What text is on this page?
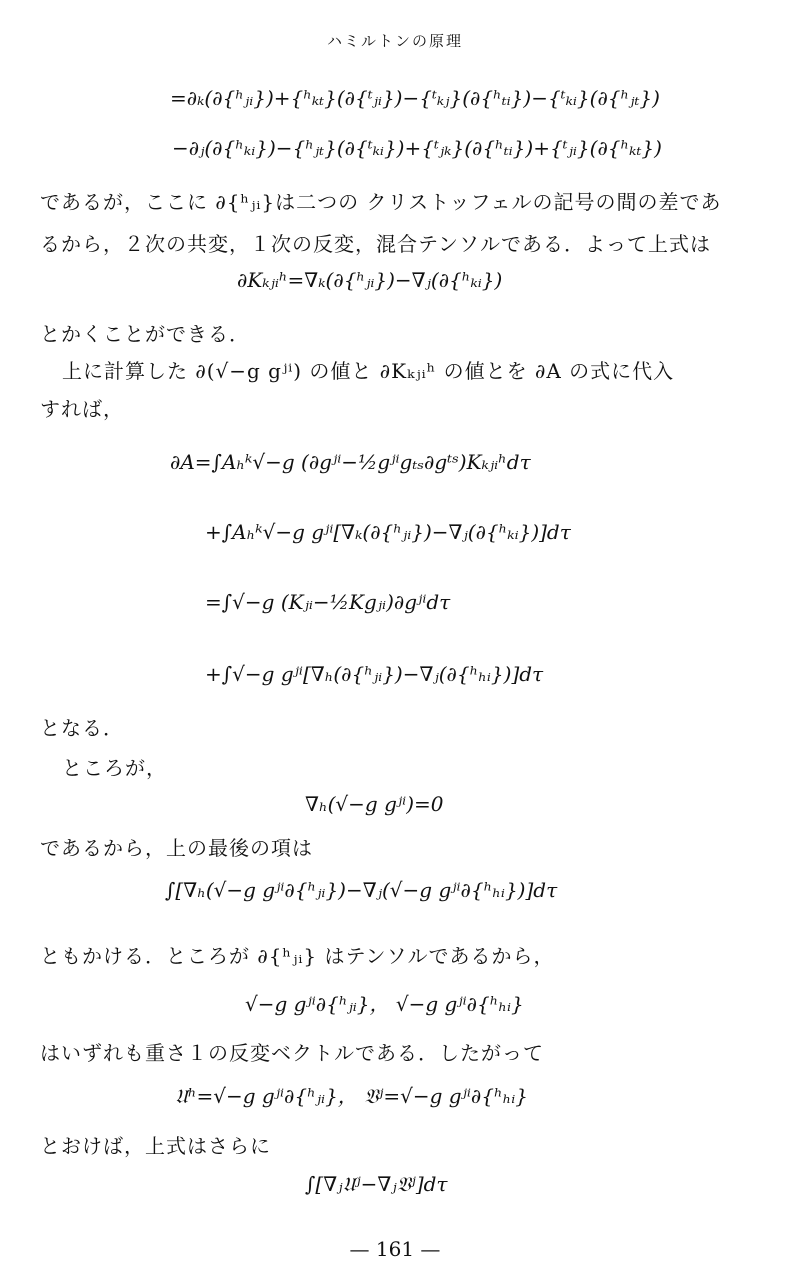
ハミルトンの原理
=∂ₖ(∂{ʰⱼᵢ})+{ʰₖₜ}(∂{ᵗⱼᵢ})−{ᵗₖⱼ}(∂{ʰₜᵢ})−{ᵗₖᵢ}(∂{ʰⱼₜ})
−∂ⱼ(∂{ʰₖᵢ})−{ʰⱼₜ}(∂{ᵗₖᵢ})+{ᵗⱼₖ}(∂{ʰₜᵢ})+{ᵗⱼᵢ}(∂{ʰₖₜ})
であるが，ここに ∂{ʰⱼᵢ}は二つの クリストッフェルの記号の間の差であ
るから，２次の共変，１次の反変，混合テンソルである．よって上式は
∂Kₖⱼᵢʰ=∇ₖ(∂{ʰⱼᵢ})−∇ⱼ(∂{ʰₖᵢ})
とかくことができる．
上に計算した ∂(√−g gʲⁱ) の値と ∂Kₖⱼᵢʰ の値とを ∂A の式に代入
すれば，
∂A=∫Aₕᵏ√−g (∂gʲⁱ−½gʲⁱgₜₛ∂gᵗˢ)Kₖⱼᵢʰdτ
+∫Aₕᵏ√−g gʲⁱ[∇ₖ(∂{ʰⱼᵢ})−∇ⱼ(∂{ʰₖᵢ})]dτ
=∫√−g (Kⱼᵢ−½Kgⱼᵢ)∂gʲⁱdτ
+∫√−g gʲⁱ[∇ₕ(∂{ʰⱼᵢ})−∇ⱼ(∂{ʰₕᵢ})]dτ
となる．
ところが，
∇ₕ(√−g gʲⁱ)=0
であるから，上の最後の項は
∫[∇ₕ(√−g gʲⁱ∂{ʰⱼᵢ})−∇ⱼ(√−g gʲⁱ∂{ʰₕᵢ})]dτ
ともかける．ところが ∂{ʰⱼᵢ} はテンソルであるから，
√−g gʲⁱ∂{ʰⱼᵢ}， √−g gʲⁱ∂{ʰₕᵢ}
はいずれも重さ１の反変ベクトルである．したがって
𝔘ʰ=√−g gʲⁱ∂{ʰⱼᵢ}， 𝔙ʲ=√−g gʲⁱ∂{ʰₕᵢ}
とおけば，上式はさらに
∫[∇ⱼ𝔘ʲ−∇ⱼ𝔙ʲ]dτ
— 161 —
